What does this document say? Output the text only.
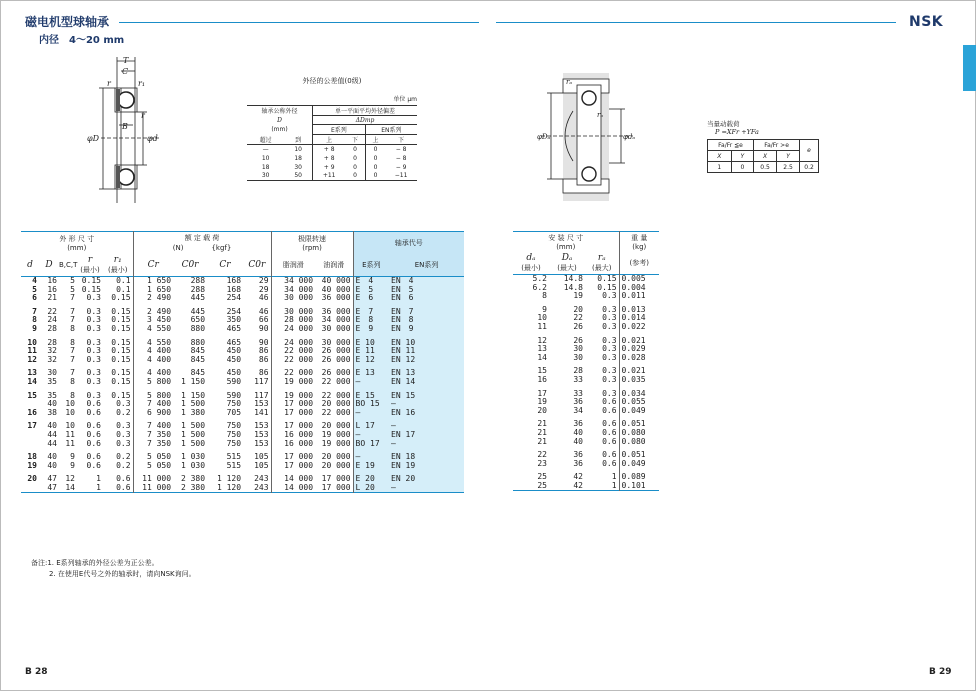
磁电机型球轴承
内径　4～20 mm
NSK
T
C
r	r₁
B
r
φD	φd
外径的公差值(0级)
单位 μm
轴承公称外径		单一平面平均外径偏差			
D		ΔDmp			
(mm)		E系列		EN系列	
超过	到	上	下	上	下
—	10	+ 8	0	0	− 8
10	18	+ 8	0	0	− 8
18	30	+ 9	0	0	− 9
30	50	+11	0	0	−11
rₐ
rₐ
φDₐ	φdₐ
当量动载荷
P =XFr +YFa
Fa/Fr ≦e		Fa/Fr >e		e
X	Y	X	Y	
1	0	0.5	2.5	0.2
外 形 尺 寸
(mm)					额 定 载 荷
(N)　　　　 {kgf}				极限转速
(rpm)		轴承代号	
d	D	B,C,T	r
(最小)	r₁
(最小)	Cr	C0r	Cr	C0r	脂润滑	油润滑	E系列	EN系列
4	16	5	0.15	0.1	1 650	288	168	29	34 000	40 000	E　4	EN　4
5	16	5	0.15	0.1	1 650	288	168	29	34 000	40 000	E　5	EN　5
6	21	7	0.3	0.15	2 490	445	254	46	30 000	36 000	E　6	EN　6

7	22	7	0.3	0.15	2 490	445	254	46	30 000	36 000	E　7	EN　7
8	24	7	0.3	0.15	3 450	650	350	66	28 000	34 000	E　8	EN　8
9	28	8	0.3	0.15	4 550	880	465	90	24 000	30 000	E　9	EN　9

10	28	8	0.3	0.15	4 550	880	465	90	24 000	30 000	E 10	EN 10
11	32	7	0.3	0.15	4 400	845	450	86	22 000	26 000	E 11	EN 11
12	32	7	0.3	0.15	4 400	845	450	86	22 000	26 000	E 12	EN 12

13	30	7	0.3	0.15	4 400	845	450	86	22 000	26 000	E 13	EN 13
14	35	8	0.3	0.15	5 800	1 150	590	117	19 000	22 000	—	EN 14

15	35	8	0.3	0.15	5 800	1 150	590	117	19 000	22 000	E 15	EN 15
	40	10	0.6	0.3	7 400	1 500	750	153	17 000	20 000	BO 15	—
16	38	10	0.6	0.2	6 900	1 380	705	141	17 000	22 000	—	EN 16

17	40	10	0.6	0.3	7 400	1 500	750	153	17 000	20 000	L 17	—
	44	11	0.6	0.3	7 350	1 500	750	153	16 000	19 000	—	EN 17
	44	11	0.6	0.3	7 350	1 500	750	153	16 000	19 000	BO 17	—

18	40	9	0.6	0.2	5 050	1 030	515	105	17 000	20 000	—	EN 18
19	40	9	0.6	0.2	5 050	1 030	515	105	17 000	20 000	E 19	EN 19

20	47	12	1	0.6	11 000	2 380	1 120	243	14 000	17 000	E 20	EN 20
	47	14	1	0.6	11 000	2 380	1 120	243	14 000	17 000	L 20	—
安 装 尺 寸
(mm)			重 量
(kg)
dₐ
(最小)	Dₐ
(最大)	rₐ
(最大)	(参考)
5.2	14.8	0.15	0.005
6.2	14.8	0.15	0.004
8	19	0.3	0.011

9	20	0.3	0.013
10	22	0.3	0.014
11	26	0.3	0.022

12	26	0.3	0.021
13	30	0.3	0.029
14	30	0.3	0.028

15	28	0.3	0.021
16	33	0.3	0.035

17	33	0.3	0.034
19	36	0.6	0.055
20	34	0.6	0.049

21	36	0.6	0.051
21	40	0.6	0.080
21	40	0.6	0.080

22	36	0.6	0.051
23	36	0.6	0.049

25	42	1	0.089
25	42	1	0.101
备注:1. E系列轴承的外径公差为正公差。
2. 在使用E代号之外的轴承时，请向NSK询问。
B 28	B 29
